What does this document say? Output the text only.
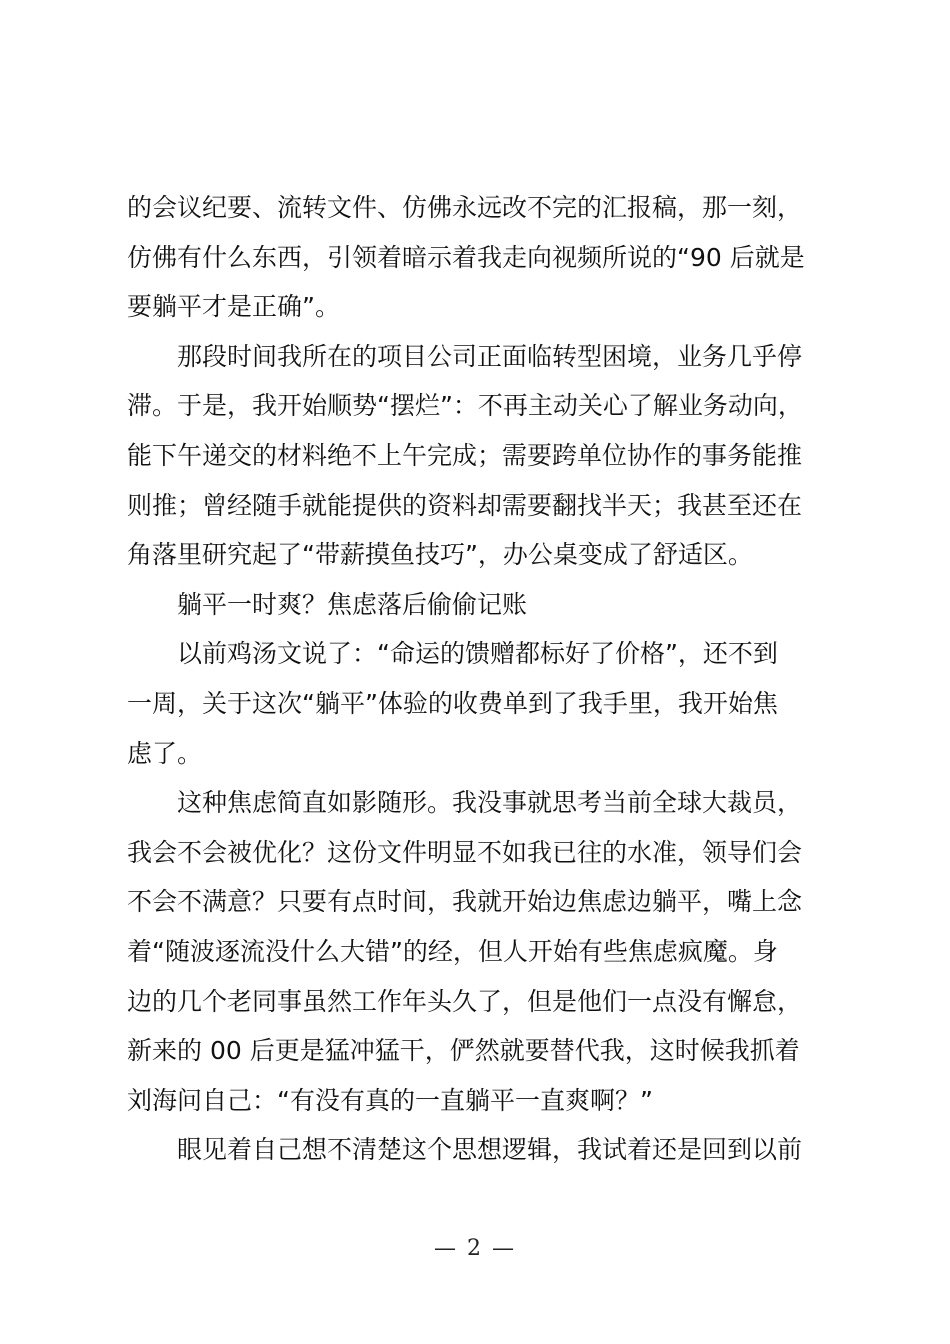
的会议纪要、流转文件、仿佛永远改不完的汇报稿，那一刻，
仿佛有什么东西，引领着暗示着我走向视频所说的“90 后就是
要躺平才是正确”。
那段时间我所在的项目公司正面临转型困境，业务几乎停
滞。于是，我开始顺势“摆烂”：不再主动关心了解业务动向，
能下午递交的材料绝不上午完成；需要跨单位协作的事务能推
则推；曾经随手就能提供的资料却需要翻找半天；我甚至还在
角落里研究起了“带薪摸鱼技巧”，办公桌变成了舒适区。
躺平一时爽？焦虑落后偷偷记账
以前鸡汤文说了：“命运的馈赠都标好了价格”，还不到
一周，关于这次“躺平”体验的收费单到了我手里，我开始焦
虑了。
这种焦虑简直如影随形。我没事就思考当前全球大裁员，
我会不会被优化？这份文件明显不如我已往的水准，领导们会
不会不满意？只要有点时间，我就开始边焦虑边躺平，嘴上念
着“随波逐流没什么大错”的经，但人开始有些焦虑疯魔。身
边的几个老同事虽然工作年头久了，但是他们一点没有懈怠，
新来的 00 后更是猛冲猛干，俨然就要替代我，这时候我抓着
刘海问自己：“有没有真的一直躺平一直爽啊？”
眼见着自己想不清楚这个思想逻辑，我试着还是回到以前
— 2 —
